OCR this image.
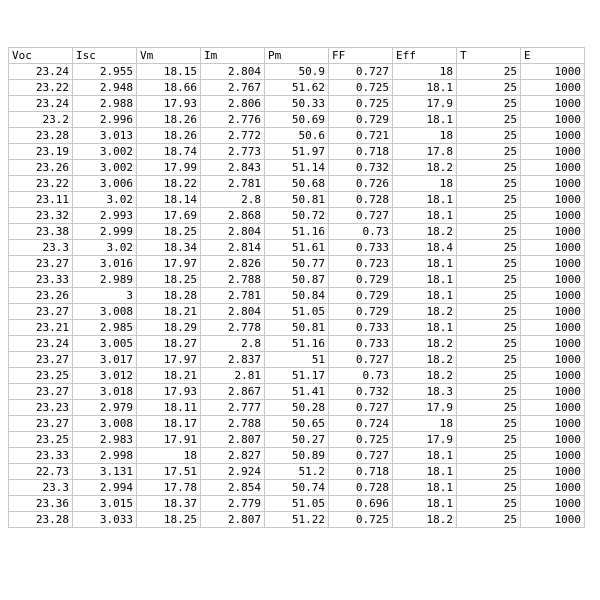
Voc	Isc	Vm	Im	Pm	FF	Eff	T	E
23.24	2.955	18.15	2.804	50.9	0.727	18	25	1000
23.22	2.948	18.66	2.767	51.62	0.725	18.1	25	1000
23.24	2.988	17.93	2.806	50.33	0.725	17.9	25	1000
23.2	2.996	18.26	2.776	50.69	0.729	18.1	25	1000
23.28	3.013	18.26	2.772	50.6	0.721	18	25	1000
23.19	3.002	18.74	2.773	51.97	0.718	17.8	25	1000
23.26	3.002	17.99	2.843	51.14	0.732	18.2	25	1000
23.22	3.006	18.22	2.781	50.68	0.726	18	25	1000
23.11	3.02	18.14	2.8	50.81	0.728	18.1	25	1000
23.32	2.993	17.69	2.868	50.72	0.727	18.1	25	1000
23.38	2.999	18.25	2.804	51.16	0.73	18.2	25	1000
23.3	3.02	18.34	2.814	51.61	0.733	18.4	25	1000
23.27	3.016	17.97	2.826	50.77	0.723	18.1	25	1000
23.33	2.989	18.25	2.788	50.87	0.729	18.1	25	1000
23.26	3	18.28	2.781	50.84	0.729	18.1	25	1000
23.27	3.008	18.21	2.804	51.05	0.729	18.2	25	1000
23.21	2.985	18.29	2.778	50.81	0.733	18.1	25	1000
23.24	3.005	18.27	2.8	51.16	0.733	18.2	25	1000
23.27	3.017	17.97	2.837	51	0.727	18.2	25	1000
23.25	3.012	18.21	2.81	51.17	0.73	18.2	25	1000
23.27	3.018	17.93	2.867	51.41	0.732	18.3	25	1000
23.23	2.979	18.11	2.777	50.28	0.727	17.9	25	1000
23.27	3.008	18.17	2.788	50.65	0.724	18	25	1000
23.25	2.983	17.91	2.807	50.27	0.725	17.9	25	1000
23.33	2.998	18	2.827	50.89	0.727	18.1	25	1000
22.73	3.131	17.51	2.924	51.2	0.718	18.1	25	1000
23.3	2.994	17.78	2.854	50.74	0.728	18.1	25	1000
23.36	3.015	18.37	2.779	51.05	0.696	18.1	25	1000
23.28	3.033	18.25	2.807	51.22	0.725	18.2	25	1000
